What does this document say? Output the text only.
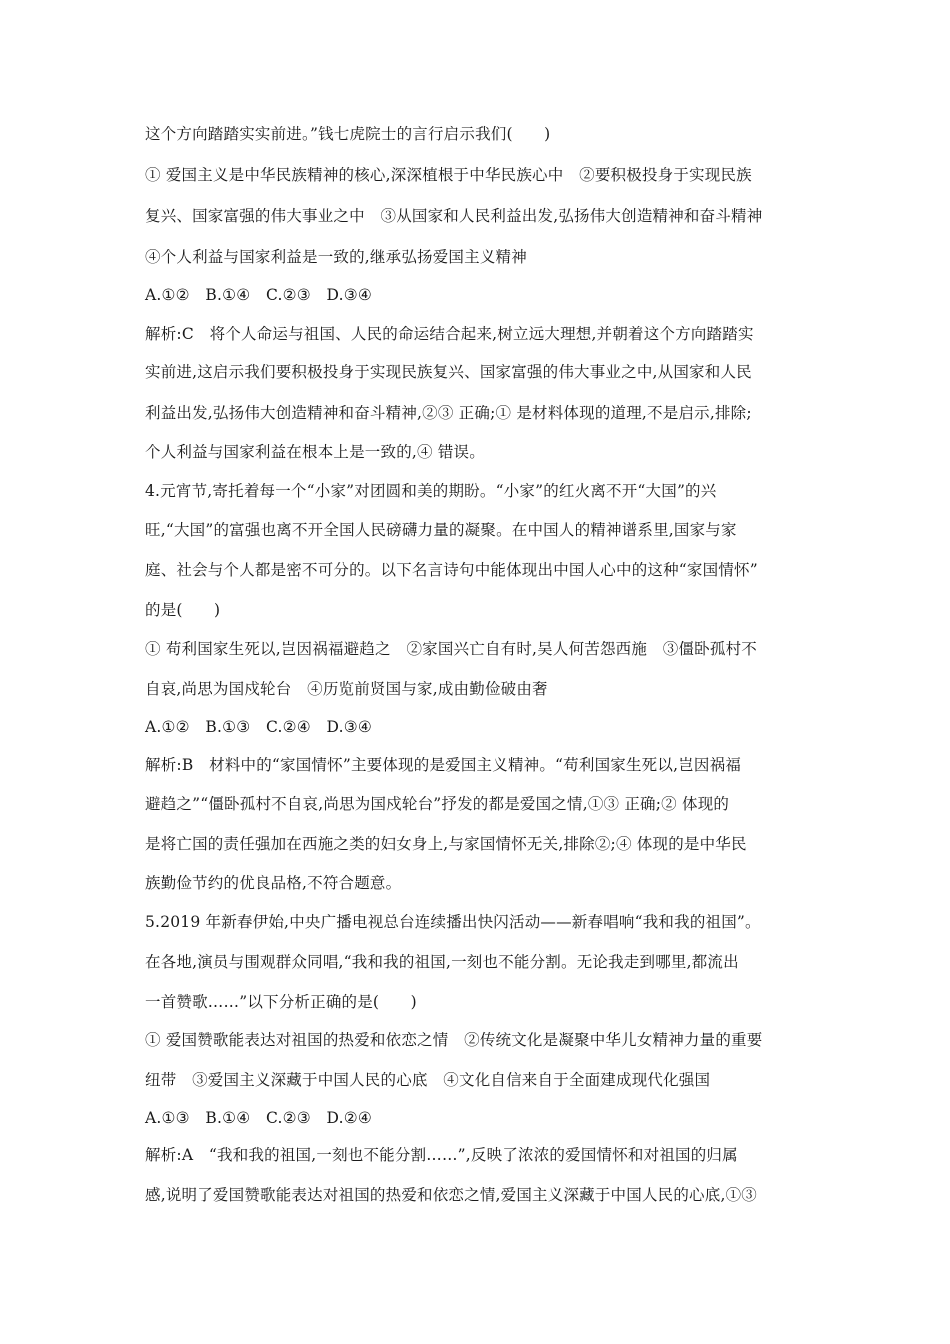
这个方向踏踏实实前进。”钱七虎院士的言行启示我们(　　)
① 爱国主义是中华民族精神的核心,深深植根于中华民族心中　②要积极投身于实现民族
复兴、国家富强的伟大事业之中　③从国家和人民利益出发,弘扬伟大创造精神和奋斗精神
④个人利益与国家利益是一致的,继承弘扬爱国主义精神
A.①②　B.①④　C.②③　D.③④
解析:C　将个人命运与祖国、人民的命运结合起来,树立远大理想,并朝着这个方向踏踏实
实前进,这启示我们要积极投身于实现民族复兴、国家富强的伟大事业之中,从国家和人民
利益出发,弘扬伟大创造精神和奋斗精神,②③ 正确;① 是材料体现的道理,不是启示,排除;
个人利益与国家利益在根本上是一致的,④ 错误。
4.元宵节,寄托着每一个“小家”对团圆和美的期盼。“小家”的红火离不开“大国”的兴
旺,“大国”的富强也离不开全国人民磅礴力量的凝聚。在中国人的精神谱系里,国家与家
庭、社会与个人都是密不可分的。以下名言诗句中能体现出中国人心中的这种“家国情怀”
的是(　　)
① 苟利国家生死以,岂因祸福避趋之　②家国兴亡自有时,吴人何苦怨西施　③僵卧孤村不
自哀,尚思为国戍轮台　④历览前贤国与家,成由勤俭破由奢
A.①②　B.①③　C.②④　D.③④
解析:B　材料中的“家国情怀”主要体现的是爱国主义精神。“苟利国家生死以,岂因祸福
避趋之”“僵卧孤村不自哀,尚思为国戍轮台”抒发的都是爱国之情,①③ 正确;② 体现的
是将亡国的责任强加在西施之类的妇女身上,与家国情怀无关,排除②;④ 体现的是中华民
族勤俭节约的优良品格,不符合题意。
5.2019 年新春伊始,中央广播电视总台连续播出快闪活动——新春唱响“我和我的祖国”。
在各地,演员与围观群众同唱,“我和我的祖国,一刻也不能分割。无论我走到哪里,都流出
一首赞歌……”以下分析正确的是(　　)
① 爱国赞歌能表达对祖国的热爱和依恋之情　②传统文化是凝聚中华儿女精神力量的重要
纽带　③爱国主义深藏于中国人民的心底　④文化自信来自于全面建成现代化强国
A.①③　B.①④　C.②③　D.②④
解析:A　“我和我的祖国,一刻也不能分割……”,反映了浓浓的爱国情怀和对祖国的归属
感,说明了爱国赞歌能表达对祖国的热爱和依恋之情,爱国主义深藏于中国人民的心底,①③
